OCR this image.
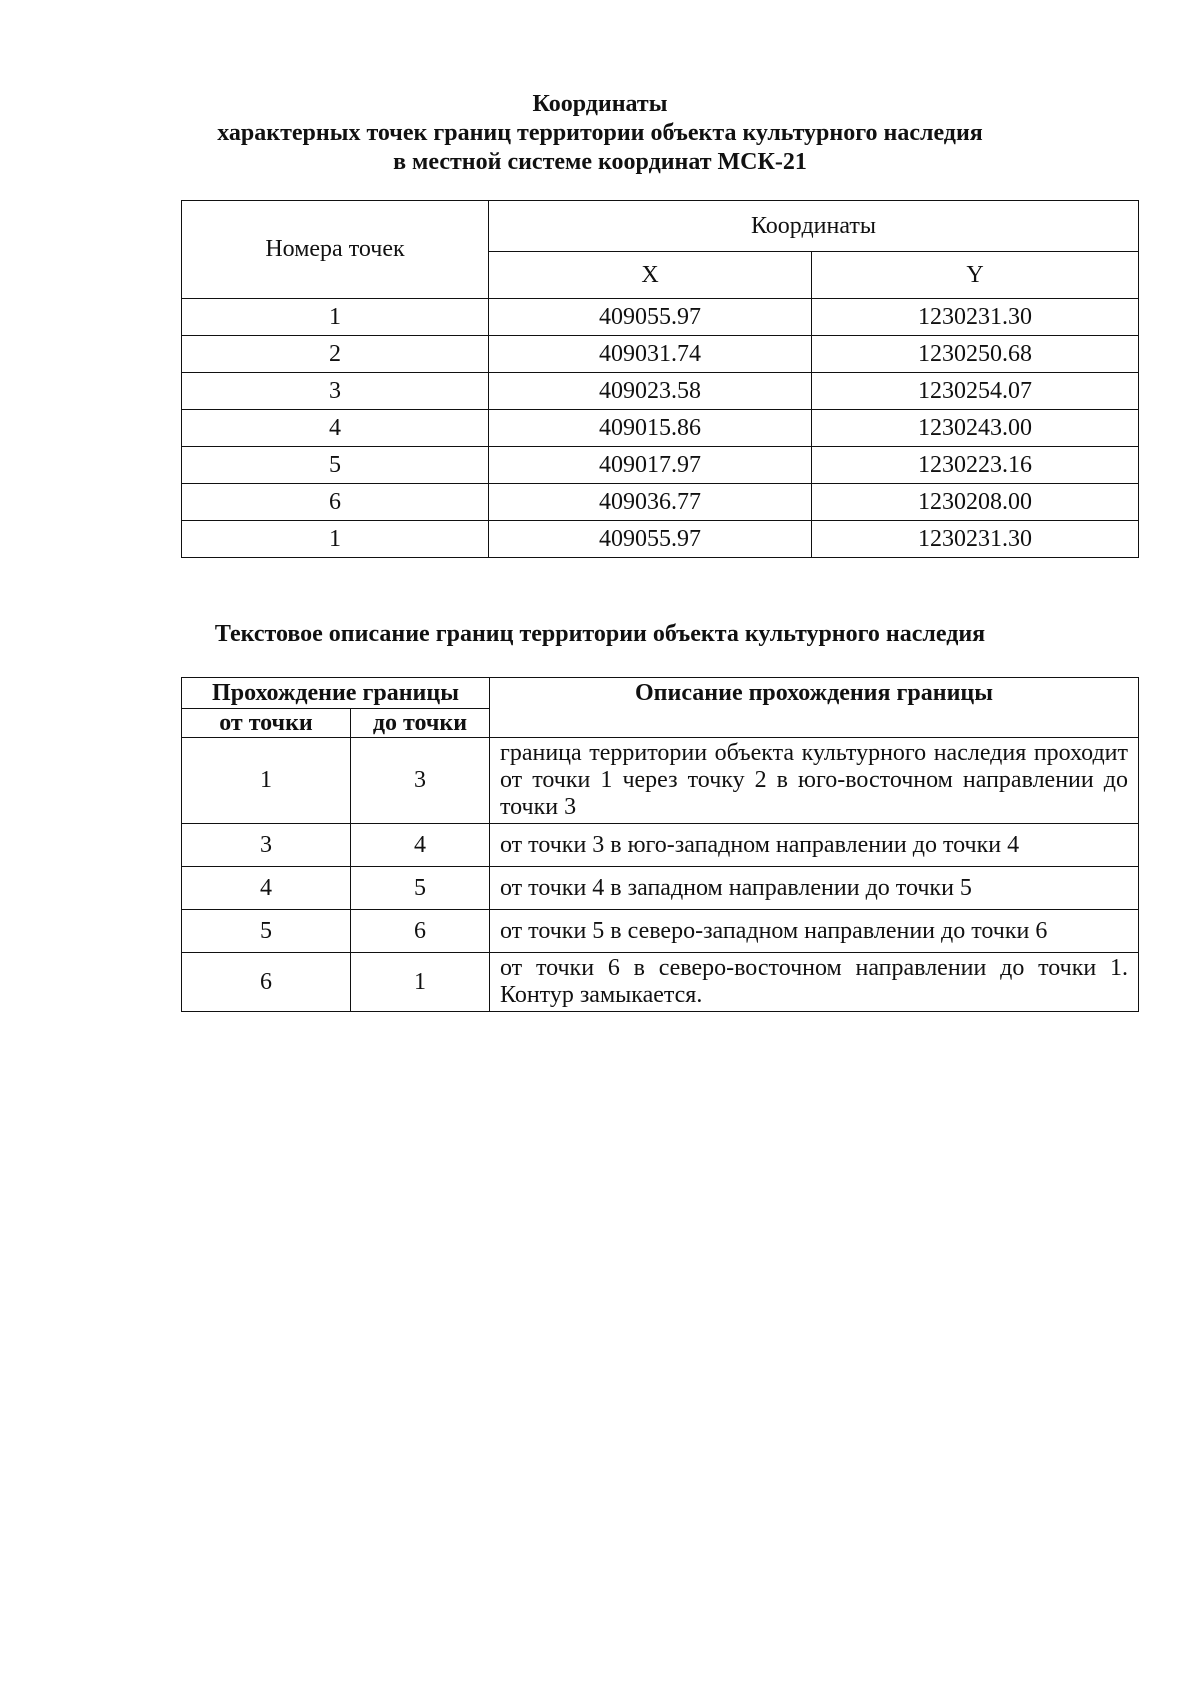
Координаты
характерных точек границ территории объекта культурного наследия
в местной системе координат МСК-21
Номера точек	Координаты	
	X	Y
1	409055.97	1230231.30
2	409031.74	1230250.68
3	409023.58	1230254.07
4	409015.86	1230243.00
5	409017.97	1230223.16
6	409036.77	1230208.00
1	409055.97	1230231.30
Текстовое описание границ территории объекта культурного наследия
Прохождение границы		Описание прохождения границы
от точки	до точки	
1	3	граница территории объекта культурного наследия проходит от точки 1 через точку 2 в юго-восточном направлении до точки 3
3	4	от точки 3 в юго-западном направлении до точки 4
4	5	от точки 4 в западном направлении до точки 5
5	6	от точки 5 в северо-западном направлении до точки 6
6	1	от точки 6 в северо-восточном направлении до точки 1. Контур замыкается.
